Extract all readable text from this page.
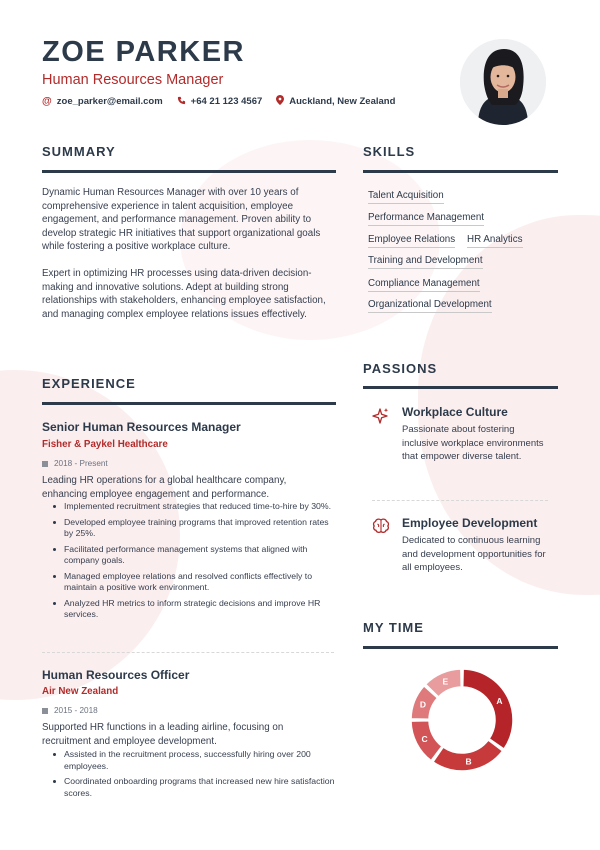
ZOE PARKER
Human Resources Manager
@ zoe_parker@email.com	+64 21 123 4567	Auckland, New Zealand
SUMMARY
Dynamic Human Resources Manager with over 10 years of comprehensive experience in talent acquisition, employee engagement, and performance management. Proven ability to develop strategic HR initiatives that support organizational goals while fostering a positive workplace culture.
Expert in optimizing HR processes using data-driven decision-making and innovative solutions. Adept at building strong relationships with stakeholders, enhancing employee satisfaction, and managing complex employee relations issues effectively.
SKILLS
Talent Acquisition
Performance Management
Employee Relations HR Analytics
Training and Development
Compliance Management
Organizational Development
EXPERIENCE
Senior Human Resources Manager
Fisher & Paykel Healthcare
2018 - Present
Leading HR operations for a global healthcare company, enhancing employee engagement and performance.
Implemented recruitment strategies that reduced time-to-hire by 30%.
Developed employee training programs that improved retention rates by 25%.
Facilitated performance management systems that aligned with company goals.
Managed employee relations and resolved conflicts effectively to maintain a positive work environment.
Analyzed HR metrics to inform strategic decisions and improve HR services.
Human Resources Officer
Air New Zealand
2015 - 2018
Supported HR functions in a leading airline, focusing on recruitment and employee development.
Assisted in the recruitment process, successfully hiring over 200 employees.
Coordinated onboarding programs that increased new hire satisfaction scores.
PASSIONS
Workplace Culture
Passionate about fostering inclusive workplace environments that empower diverse talent.
Employee Development
Dedicated to continuous learning and development opportunities for all employees.
MY TIME
A
B
C
D
E
